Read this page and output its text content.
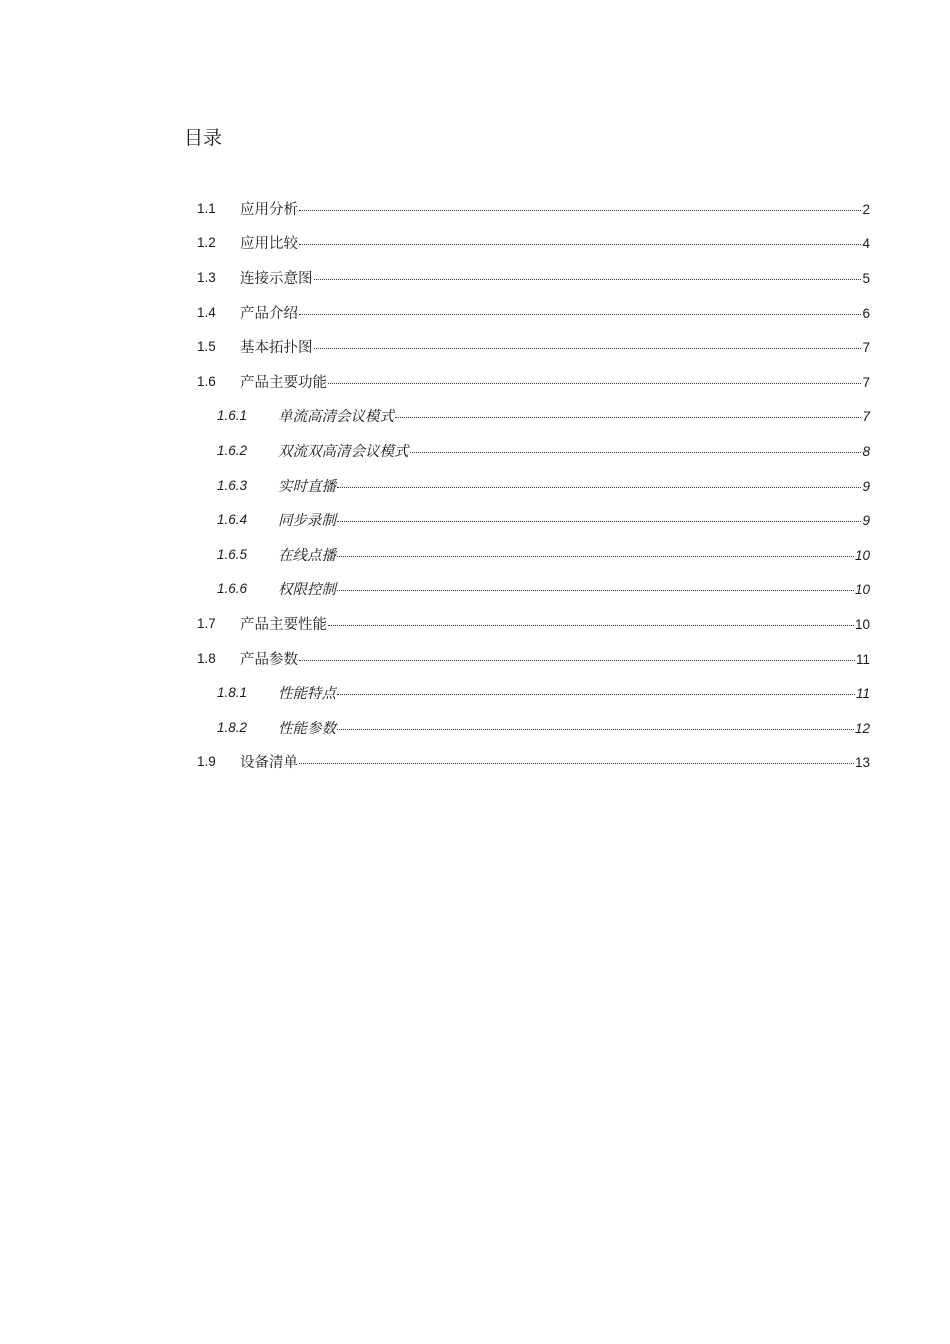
目录
1.1	应用分析	2
1.2	应用比较	4
1.3	连接示意图	5
1.4	产品介绍	6
1.5	基本拓扑图	7
1.6	产品主要功能	7
1.6.1	单流高清会议模式	7
1.6.2	双流双高清会议模式	8
1.6.3	实时直播	9
1.6.4	同步录制	9
1.6.5	在线点播	10
1.6.6	权限控制	10
1.7	产品主要性能	10
1.8	产品参数	11
1.8.1	性能特点	11
1.8.2	性能参数	12
1.9	设备清单	13
